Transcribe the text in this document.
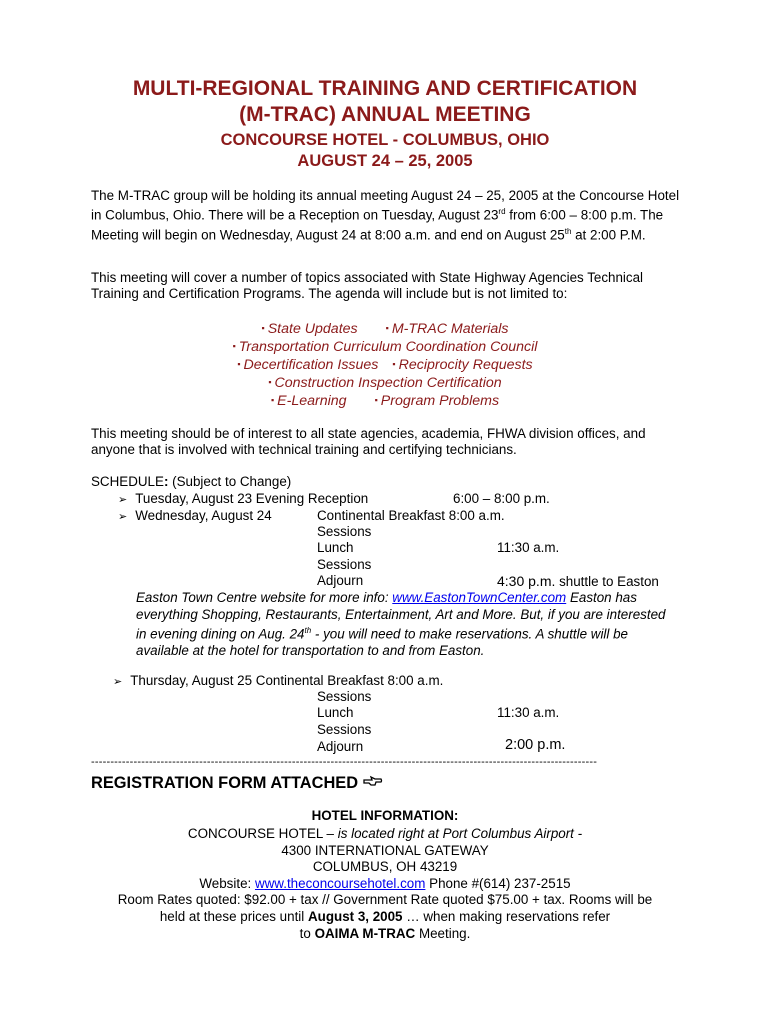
MULTI-REGIONAL TRAINING AND CERTIFICATION
(M-TRAC) ANNUAL MEETING
CONCOURSE HOTEL - COLUMBUS, OHIO
AUGUST 24 – 25, 2005

The M-TRAC group will be holding its annual meeting August 24 – 25, 2005 at the Concourse Hotel in Columbus, Ohio. There will be a Reception on Tuesday, August 23rd from 6:00 – 8:00 p.m. The Meeting will begin on Wednesday, August 24 at 8:00 a.m. and end on August 25th at 2:00 P.M.

This meeting will cover a number of topics associated with State Highway Agencies Technical Training and Certification Programs. The agenda will include but is not limited to:

▪ State Updates	▪ M-TRAC Materials
▪ Transportation Curriculum Coordination Council
▪ Decertification Issues ▪ Reciprocity Requests
▪ Construction Inspection Certification
▪ E-Learning	▪ Program Problems

This meeting should be of interest to all state agencies, academia, FHWA division offices, and anyone that is involved with technical training and certifying technicians.

SCHEDULE: (Subject to Change)
➢ Tuesday, August 23 Evening Reception	6:00 – 8:00 p.m.
➢ Wednesday, August 24	Continental Breakfast 8:00 a.m.
Sessions
Lunch	11:30 a.m.
Sessions
Adjourn	4:30 p.m. shuttle to Easton
Easton Town Centre website for more info: www.EastonTownCenter.com Easton has everything Shopping, Restaurants, Entertainment, Art and More. But, if you are interested in evening dining on Aug. 24th - you will need to make reservations. A shuttle will be available at the hotel for transportation to and from Easton.
➢ Thursday, August 25 Continental Breakfast 8:00 a.m.
Sessions
Lunch	11:30 a.m.
Sessions
Adjourn	2:00 p.m.
-----------------------------------------------------------------------------------------------------------------------------------
REGISTRATION FORM ATTACHED
HOTEL INFORMATION:
CONCOURSE HOTEL – is located right at Port Columbus Airport -
4300 INTERNATIONAL GATEWAY
COLUMBUS, OH 43219
Website: www.theconcoursehotel.com Phone #(614) 237-2515
Room Rates quoted: $92.00 + tax // Government Rate quoted $75.00 + tax. Rooms will be
held at these prices until August 3, 2005 … when making reservations refer
to OAIMA M-TRAC Meeting.
